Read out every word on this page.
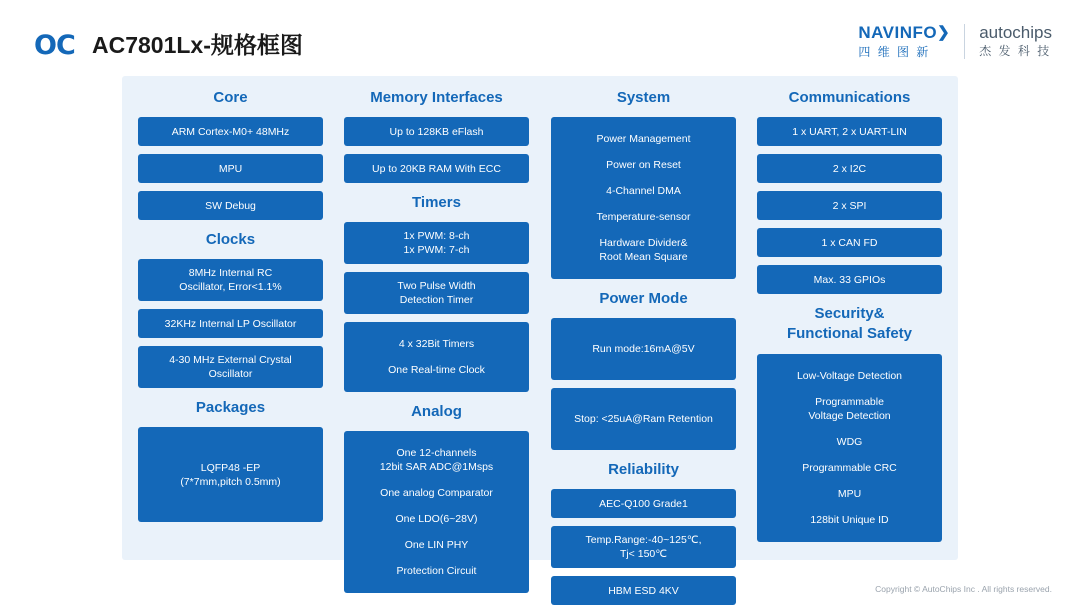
OC AC7801Lx-规格框图	NAVINFO❯
四 维 图 新
autochips
杰 发 科 技
Core
ARM Cortex-M0+ 48MHz
MPU
SW Debug
Clocks
8MHz Internal RC
Oscillator, Error<1.1%
32KHz Internal LP Oscillator
4-30 MHz External Crystal
Oscillator
Packages
LQFP48 -EP
(7*7mm,pitch 0.5mm)
Memory Interfaces
Up to 128KB eFlash
Up to 20KB RAM With ECC
Timers
1x PWM: 8-ch
1x PWM: 7-ch
Two Pulse Width
Detection Timer
4 x 32Bit Timers
One Real-time Clock
Analog
One 12-channels
12bit SAR ADC@1Msps
One analog Comparator
One LDO(6~28V)
One LIN PHY
Protection Circuit
System
Power Management
Power on Reset
4-Channel DMA
Temperature-sensor
Hardware Divider&
Root Mean Square
Power Mode
Run mode:16mA@5V
Stop: <25uA@Ram Retention
Reliability
AEC-Q100 Grade1
Temp.Range:-40~125℃,
Tj< 150℃
HBM ESD 4KV
Communications
1 x UART, 2 x UART-LIN
2 x I2C
2 x SPI
1 x CAN FD
Max. 33 GPIOs
Security&
Functional Safety
Low-Voltage Detection
Programmable
Voltage Detection
WDG
Programmable CRC
MPU
128bit Unique ID
Copyright © AutoChips Inc . All rights reserved.
